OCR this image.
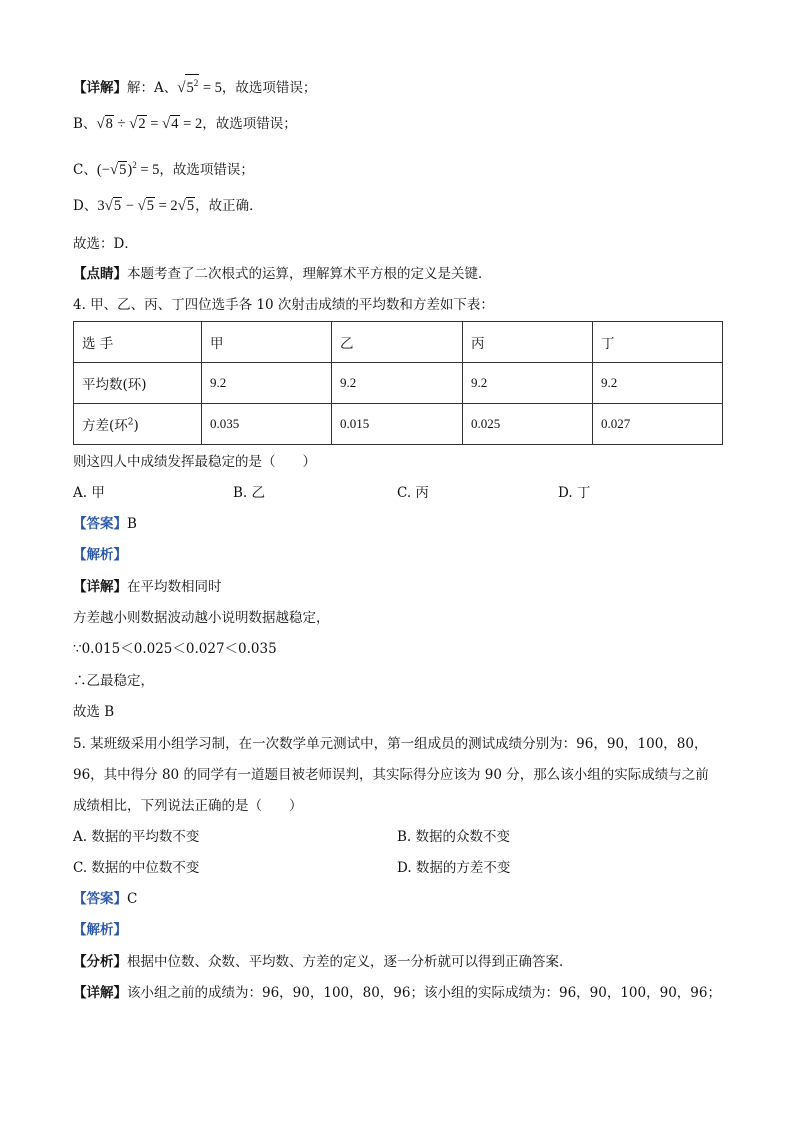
【详解】解：A、$√5^2 = 5$，故选项错误；
B、√8 ÷ √2 = √4 = 2，故选项错误；
C、$(-√5)^2 = 5$，故选项错误；
D、3√5 − √5 = 2√5，故正确．
故选：D．
【点睛】本题考查了二次根式的运算，理解算术平方根的定义是关键．
4. 甲、乙、丙、丁四位选手各 10 次射击成绩的平均数和方差如下表：
选 手	甲	乙	丙	丁
平均数(环)	9.2	9.2	9.2	9.2
方差(环$^2$)	0.035	0.015	0.025	0.027
则这四人中成绩发挥最稳定的是（　　）
A. 甲	B. 乙	C. 丙	D. 丁
【答案】B
【解析】
【详解】在平均数相同时
方差越小则数据波动越小说明数据越稳定，
∵0.015＜0.025＜0.027＜0.035
∴乙最稳定，
故选 B
5. 某班级采用小组学习制，在一次数学单元测试中，第一组成员的测试成绩分别为：96，90，100，80，
96，其中得分 80 的同学有一道题目被老师误判，其实际得分应该为 90 分，那么该小组的实际成绩与之前
成绩相比，下列说法正确的是（　　）
A. 数据的平均数不变	B. 数据的众数不变
C. 数据的中位数不变	D. 数据的方差不变
【答案】C
【解析】
【分析】根据中位数、众数、平均数、方差的定义，逐一分析就可以得到正确答案．
【详解】该小组之前的成绩为：96，90，100，80，96；该小组的实际成绩为：96，90，100，90，96；
